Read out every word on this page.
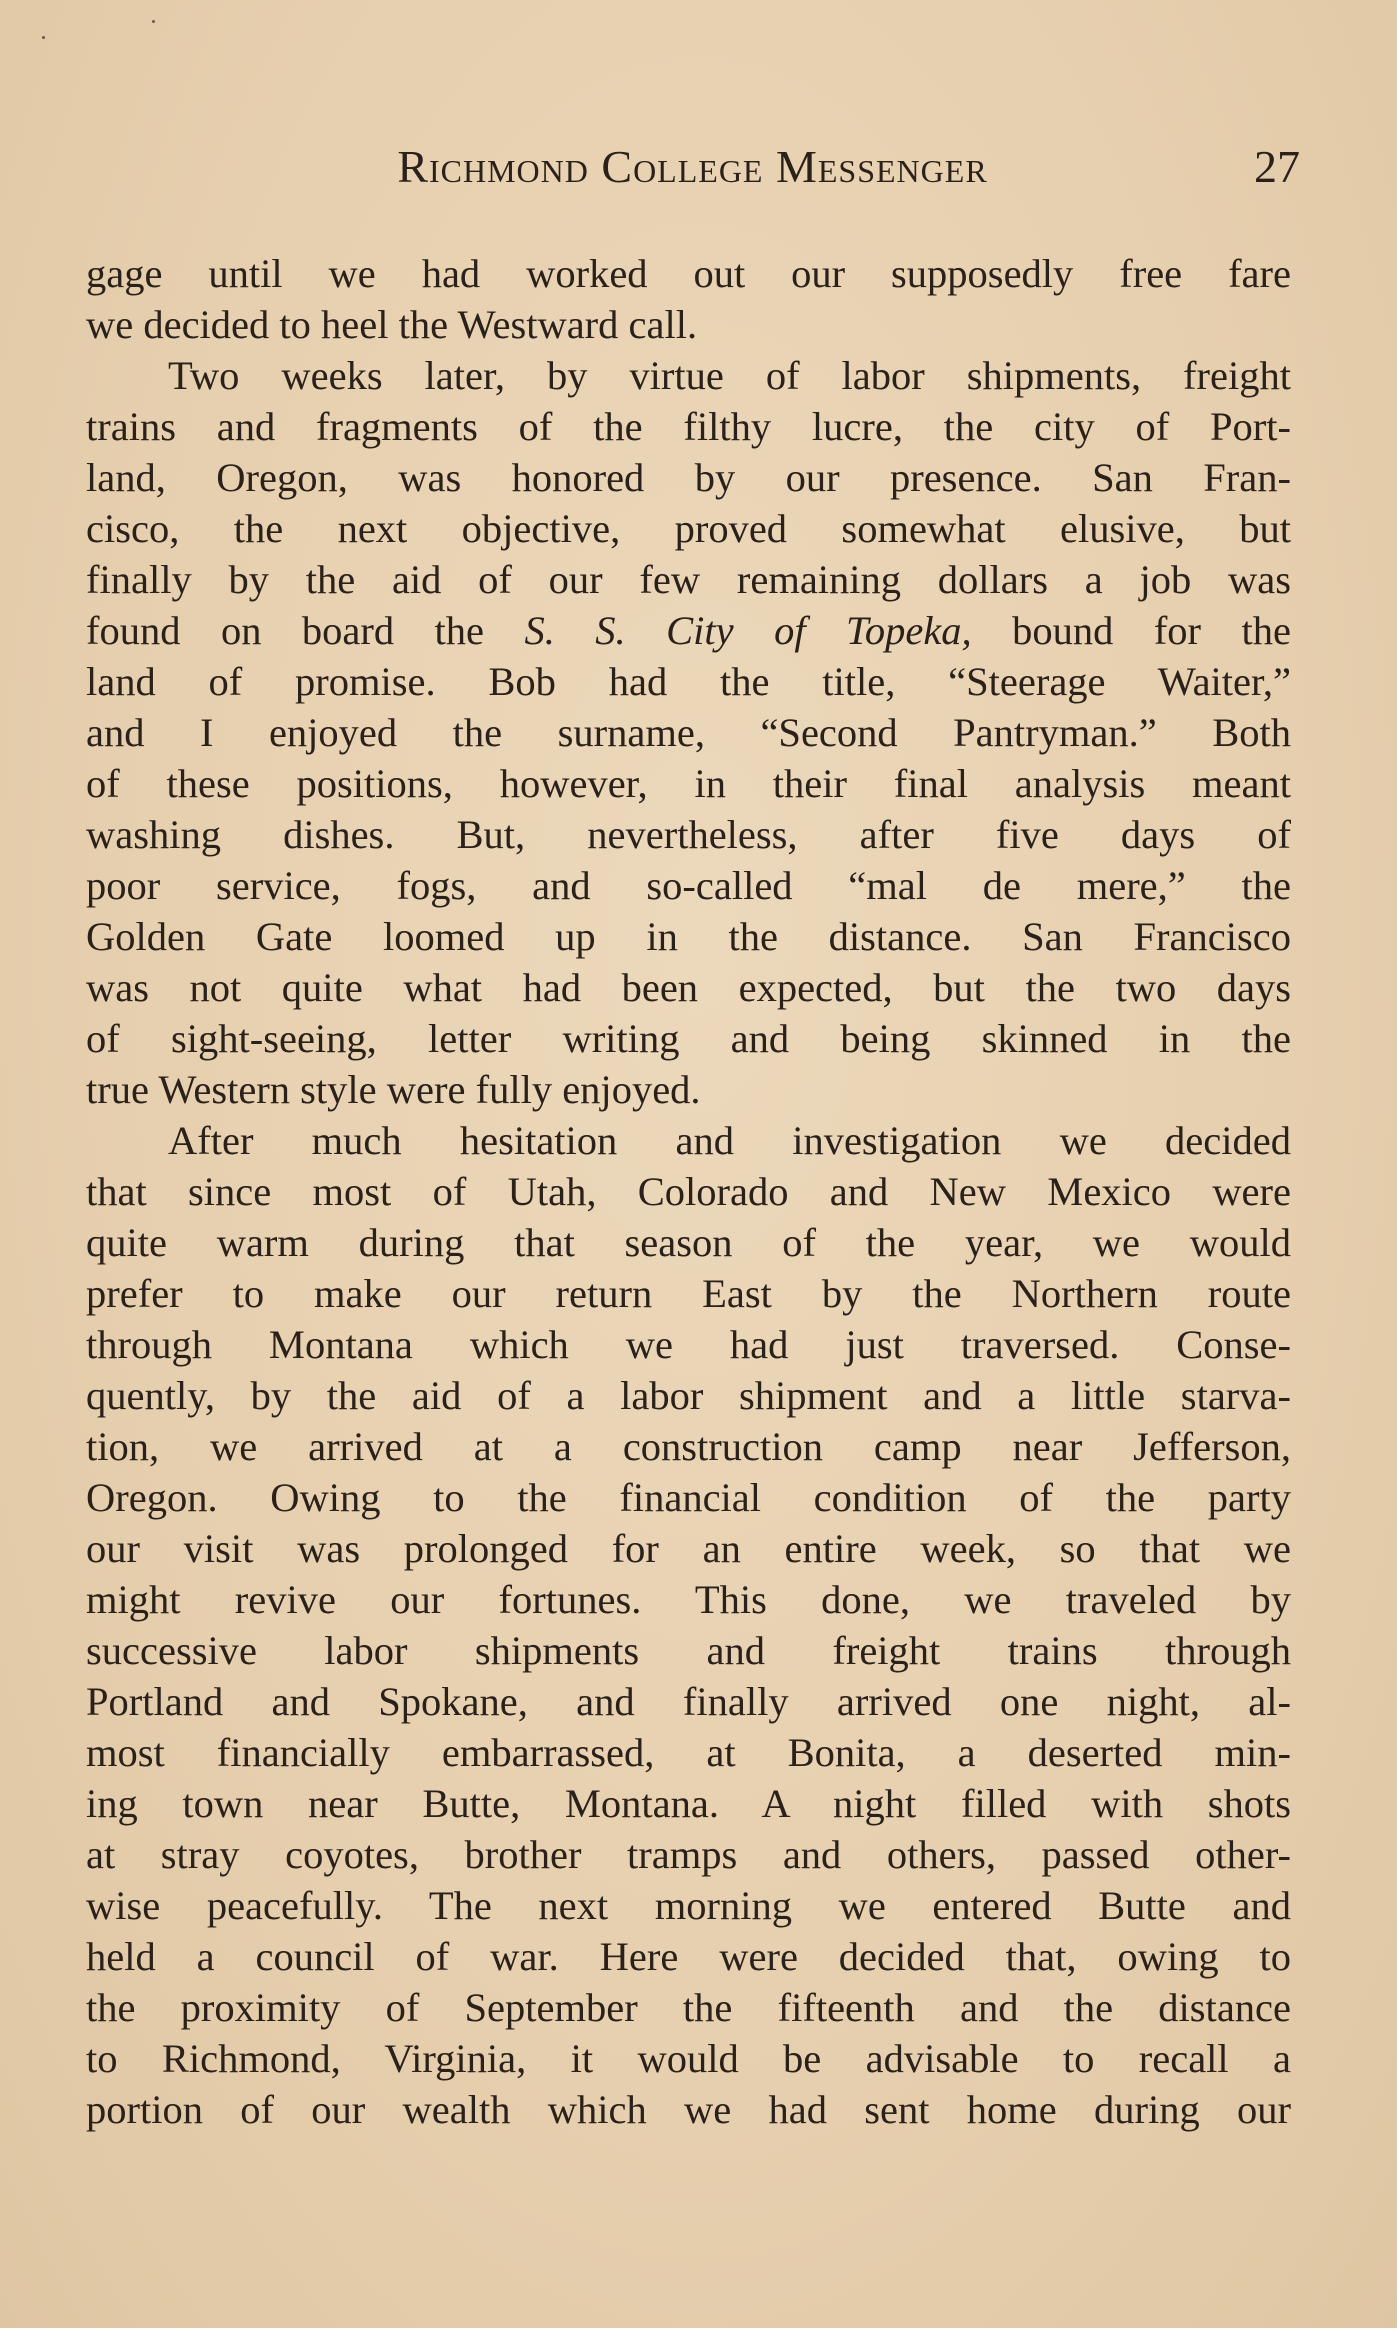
Richmond College Messenger	27
gage until we had worked out our supposedly free fare
we decided to heel the Westward call.
Two weeks later, by virtue of labor shipments, freight
trains and fragments of the filthy lucre, the city of Port-
land, Oregon, was honored by our presence. San Fran-
cisco, the next objective, proved somewhat elusive, but
finally by the aid of our few remaining dollars a job was
found on board the S. S. City of Topeka, bound for the
land of promise. Bob had the title, “Steerage Waiter,”
and I enjoyed the surname, “Second Pantryman.” Both
of these positions, however, in their final analysis meant
washing dishes. But, nevertheless, after five days of
poor service, fogs, and so-called “mal de mere,” the
Golden Gate loomed up in the distance. San Francisco
was not quite what had been expected, but the two days
of sight-seeing, letter writing and being skinned in the
true Western style were fully enjoyed.
After much hesitation and investigation we decided
that since most of Utah, Colorado and New Mexico were
quite warm during that season of the year, we would
prefer to make our return East by the Northern route
through Montana which we had just traversed. Conse-
quently, by the aid of a labor shipment and a little starva-
tion, we arrived at a construction camp near Jefferson,
Oregon. Owing to the financial condition of the party
our visit was prolonged for an entire week, so that we
might revive our fortunes. This done, we traveled by
successive labor shipments and freight trains through
Portland and Spokane, and finally arrived one night, al-
most financially embarrassed, at Bonita, a deserted min-
ing town near Butte, Montana. A night filled with shots
at stray coyotes, brother tramps and others, passed other-
wise peacefully. The next morning we entered Butte and
held a council of war. Here were decided that, owing to
the proximity of September the fifteenth and the distance
to Richmond, Virginia, it would be advisable to recall a
portion of our wealth which we had sent home during our
